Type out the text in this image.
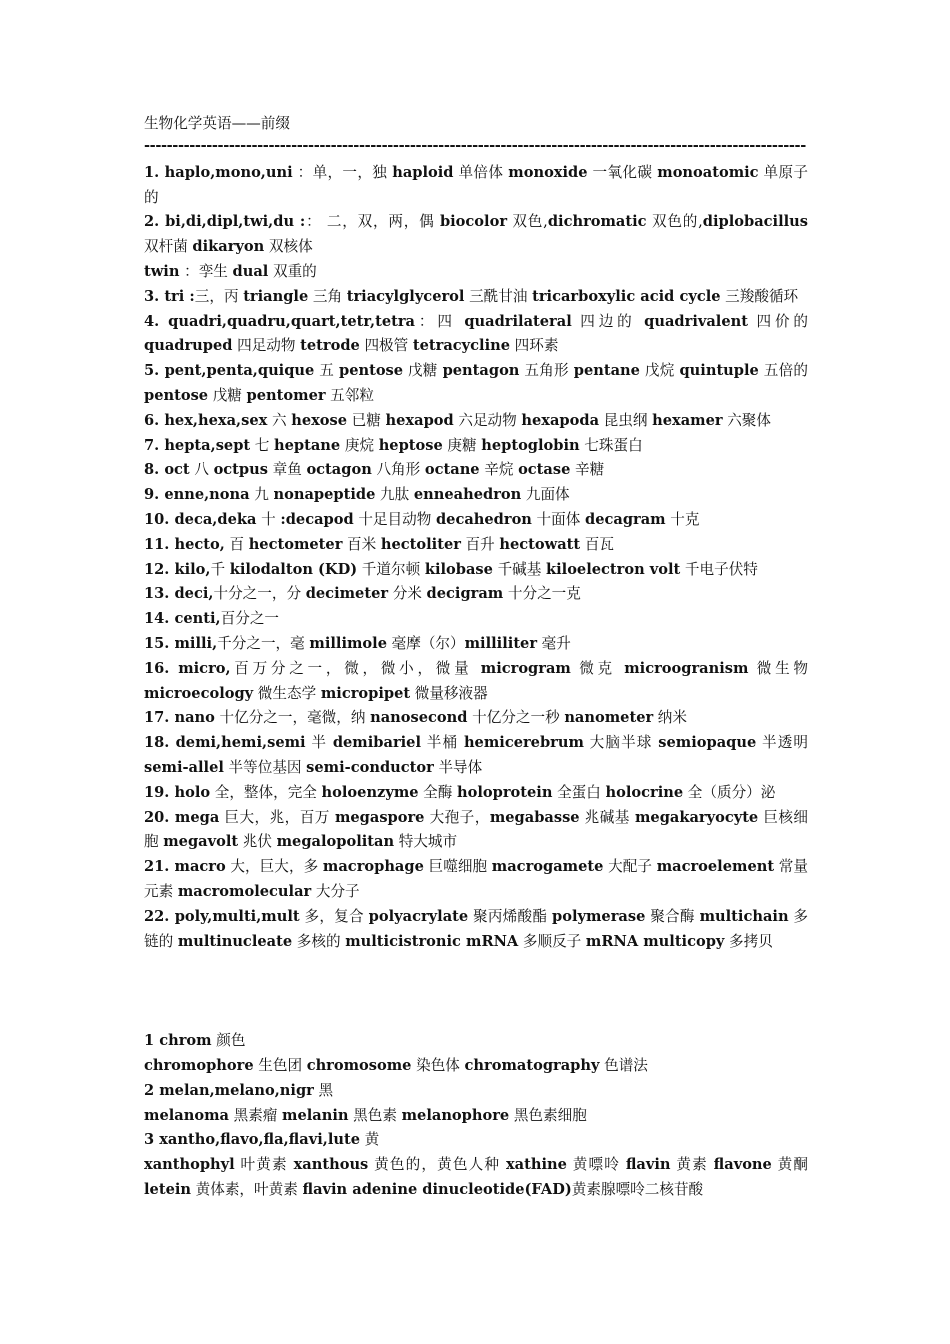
生物化学英语——前缀
---------------------------------------------------------------------------------------------------------------------

1. haplo,mono,uni ：单，一，独 haploid 单倍体 monoxide 一氧化碳 monoatomic 单原子的

2. bi,di,dipl,twi,du :： 二，双，两，偶 biocolor 双色,dichromatic 双色的,diplobacillus 双杆菌 dikaryon 双核体

twin ：孪生 dual 双重的

3. tri :三，丙 triangle 三角 triacylglycerol 三酰甘油 tricarboxylic acid cycle 三羧酸循环

4. quadri,quadru,quart,tetr,tetra：四 quadrilateral 四边的 quadrivalent 四价的 quadruped 四足动物 tetrode 四极管 tetracycline 四环素

5. pent,penta,quique 五 pentose 戊糖 pentagon 五角形 pentane 戊烷 quintuple 五倍的 pentose 戊糖 pentomer 五邻粒

6. hex,hexa,sex 六 hexose 已糖 hexapod 六足动物 hexapoda 昆虫纲 hexamer 六聚体

7. hepta,sept 七 heptane 庚烷 heptose 庚糖 heptoglobin 七珠蛋白

8. oct 八 octpus 章鱼 octagon 八角形 octane 辛烷 octase 辛糖

9. enne,nona 九 nonapeptide 九肽 enneahedron 九面体

10. deca,deka 十 :decapod 十足目动物 decahedron 十面体 decagram 十克

11. hecto, 百 hectometer 百米 hectoliter 百升 hectowatt 百瓦

12. kilo,千 kilodalton (KD) 千道尔顿 kilobase 千碱基 kiloelectron volt 千电子伏特

13. deci,十分之一，分 decimeter 分米 decigram 十分之一克

14. centi,百分之一

15. milli,千分之一，毫 millimole 毫摩（尔）milliliter 毫升

16. micro,百万分之一，微，微小，微量 microgram 微克 microogranism 微生物 microecology 微生态学 micropipet 微量移液器

17. nano 十亿分之一，毫微，纳 nanosecond 十亿分之一秒 nanometer 纳米

18. demi,hemi,semi 半 demibariel 半桶 hemicerebrum 大脑半球 semiopaque 半透明 semi-allel 半等位基因 semi-conductor 半导体

19. holo 全，整体，完全 holoenzyme 全酶 holoprotein 全蛋白 holocrine 全（质分）泌

20. mega 巨大，兆，百万 megaspore 大孢子，megabasse 兆碱基 megakaryocyte 巨核细胞 megavolt 兆伏 megalopolitan 特大城市

21. macro 大，巨大，多 macrophage 巨噬细胞 macrogamete 大配子 macroelement 常量元素 macromolecular 大分子

22. poly,multi,mult 多，复合 polyacrylate 聚丙烯酸酯 polymerase 聚合酶 multichain 多链的 multinucleate 多核的 multicistronic mRNA 多顺反子 mRNA multicopy 多拷贝

1 chrom 颜色

chromophore 生色团 chromosome 染色体 chromatography 色谱法

2 melan,melano,nigr 黑

melanoma 黑素瘤 melanin 黑色素 melanophore 黑色素细胞

3 xantho,flavo,fla,flavi,lute 黄

xanthophyl 叶黄素 xanthous 黄色的，黄色人种 xathine 黄嘌呤 flavin 黄素 flavone 黄酮 letein 黄体素，叶黄素 flavin adenine dinucleotide(FAD)黄素腺嘌呤二核苷酸
